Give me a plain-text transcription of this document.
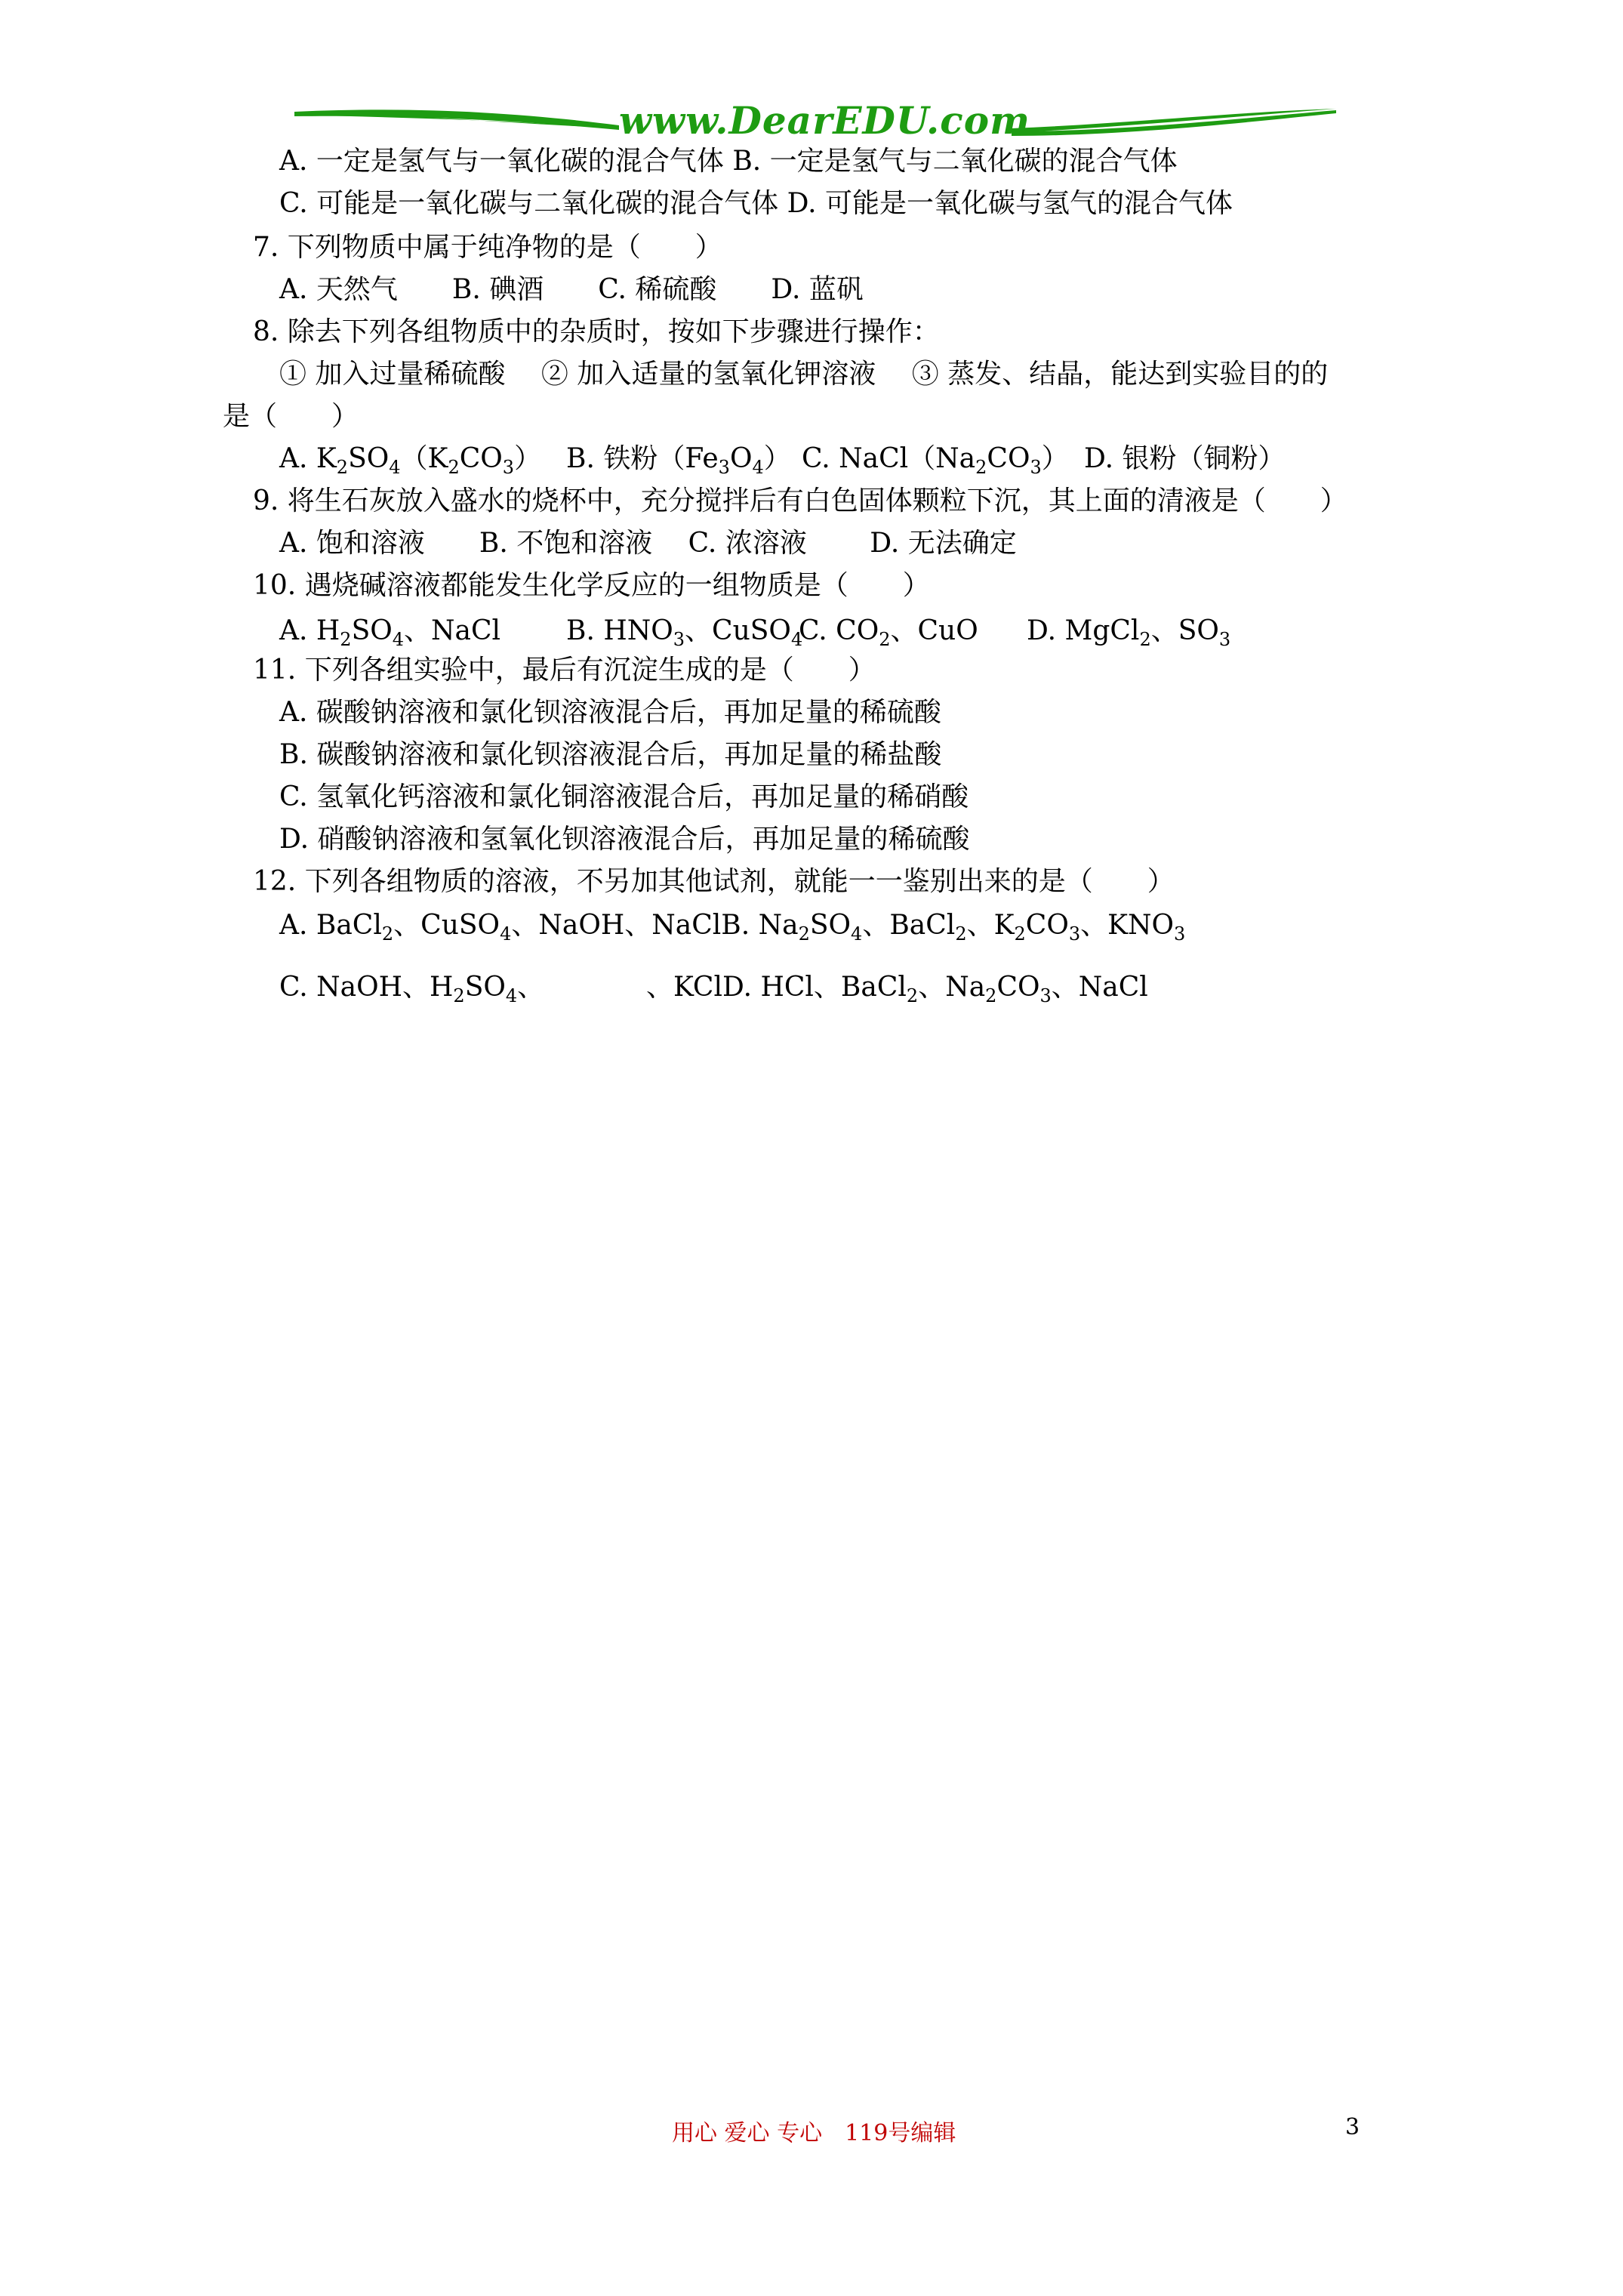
www.DearEDU.com
A. 一定是氢气与一氧化碳的混合气体 B. 一定是氢气与二氧化碳的混合气体
C. 可能是一氧化碳与二氧化碳的混合气体 D. 可能是一氧化碳与氢气的混合气体
7. 下列物质中属于纯净物的是（　　）
A. 天然气　　B. 碘酒　　C. 稀硫酸　　D. 蓝矾
8. 除去下列各组物质中的杂质时，按如下步骤进行操作：
① 加入过量稀硫酸　 ② 加入适量的氢氧化钾溶液　 ③ 蒸发、结晶，能达到实验目的的
是（　　）
A. $K_2SO_4(K_2CO_3)$ B. 铁粉$(Fe_3O_4)$ C. $NaCl(Na_2CO_3)$ D. 银粉（铜粉）
9. 将生石灰放入盛水的烧杯中，充分搅拌后有白色固体颗粒下沉，其上面的清液是（　　）
A. 饱和溶液　　B. 不饱和溶液　 C. 浓溶液　　 D. 无法确定
10. 遇烧碱溶液都能发生化学反应的一组物质是（　　）
A. $H_2SO_4$、NaCl B. $HNO_3$、CuSO$_4$
C. $CO_2$、CuO D. MgCl$_2$、$SO_3$
11. 下列各组实验中，最后有沉淀生成的是（　　）
A. 碳酸钠溶液和氯化钡溶液混合后，再加足量的稀硫酸
B. 碳酸钠溶液和氯化钡溶液混合后，再加足量的稀盐酸
C. 氢氧化钙溶液和氯化铜溶液混合后，再加足量的稀硝酸
D. 硝酸钠溶液和氢氧化钡溶液混合后，再加足量的稀硫酸
12. 下列各组物质的溶液，不另加其他试剂，就能一一鉴别出来的是（　　）
A. BaCl$_2$、CuSO$_4$、NaOH、NaClB. $Na_2SO_4$、BaCl$_2$、$K_2CO_3$、$KNO_3$
C. NaOH、$H_2SO_4$、	、KClD. HCl、BaCl$_2$、$Na_2CO_3$、NaCl
用心 爱心 专心　119号编辑	3
